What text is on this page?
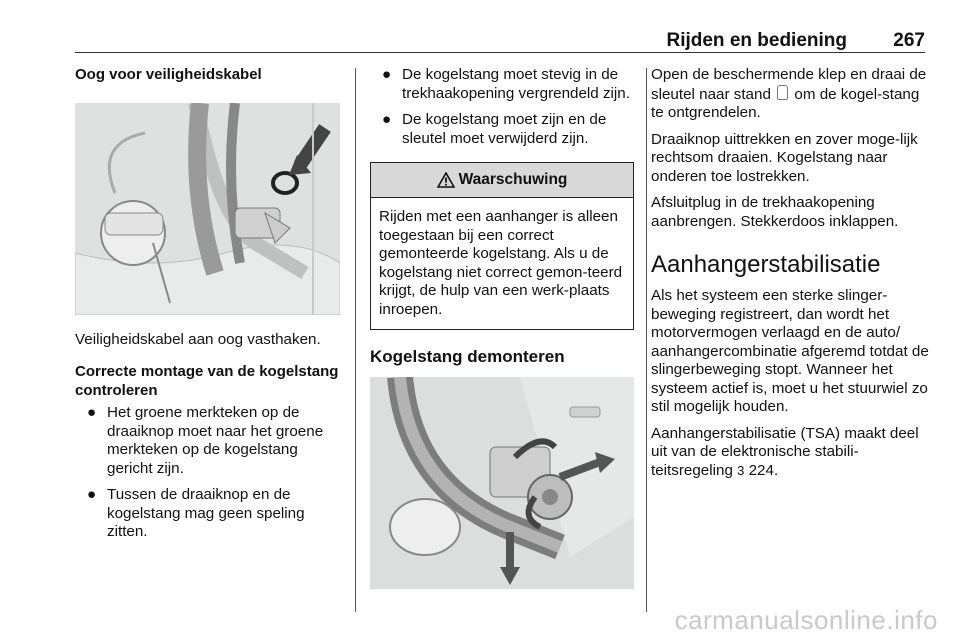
Rijden en bediening 267
Oog voor veiligheidskabel

Veiligheidskabel aan oog vasthaken.

Correcte montage van de kogelstang controleren
● Het groene merkteken op de draaiknop moet naar het groene merkteken op de kogelstang gericht zijn.
● Tussen de draaiknop en de kogelstang mag geen speling zitten.
● De kogelstang moet stevig in de trekhaakopening vergrendeld zijn.
● De kogelstang moet zijn en de sleutel moet verwijderd zijn.
Waarschuwing
Rijden met een aanhanger is alleen toegestaan bij een correct gemonteerde kogelstang. Als u de kogelstang niet correct gemon-teerd krijgt, de hulp van een werk-plaats inroepen.
Kogelstang demonteren

Open de beschermende klep en draai de sleutel naar stand om de kogel-stang te ontgrendelen.

Draaiknop uittrekken en zover moge-lijk rechtsom draaien. Kogelstang naar onderen toe lostrekken.

Afsluitplug in de trekhaakopening aanbrengen. Stekkerdoos inklappen.

Aanhangerstabilisatie

Als het systeem een sterke slinger-beweging registreert, dan wordt het motorvermogen verlaagd en de auto/ aanhangercombinatie afgeremd totdat de slingerbeweging stopt. Wanneer het systeem actief is, moet u het stuurwiel zo stil mogelijk houden.

Aanhangerstabilisatie (TSA) maakt deel uit van de elektronische stabili-teitsregeling 3 224.

carmanualsonline.info
